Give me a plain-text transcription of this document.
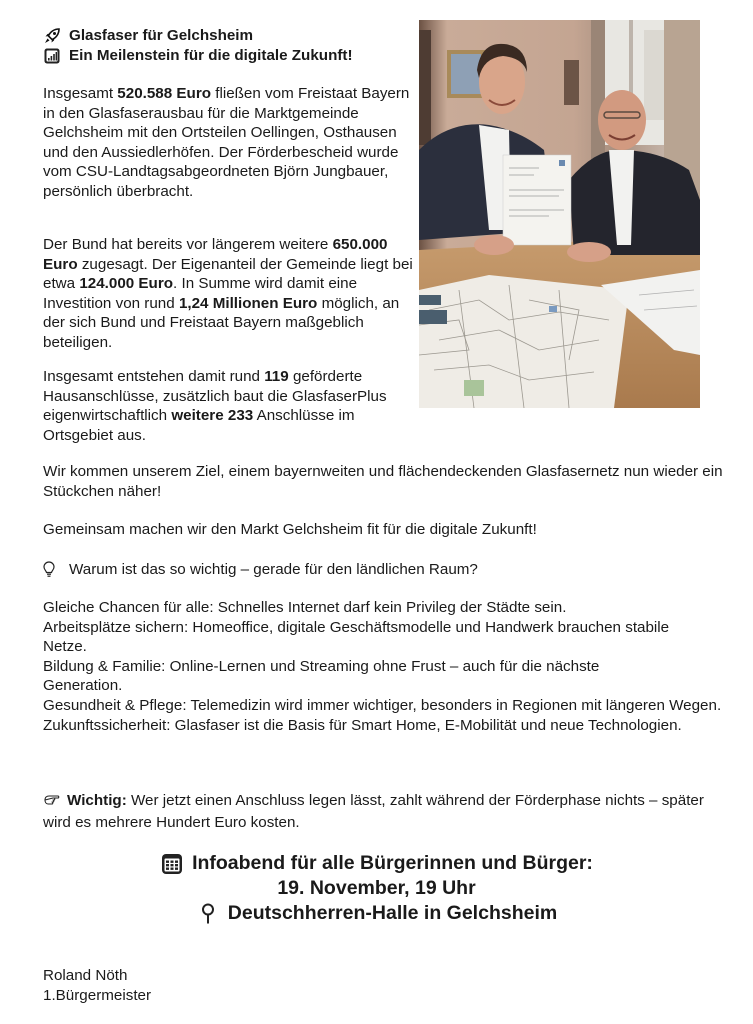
Glasfaser für Gelchsheim
Ein Meilenstein für die digitale Zukunft!

Insgesamt 520.588 Euro fließen vom Freistaat Bayern in den Glasfaserausbau für die Marktgemeinde Gelchsheim mit den Ortsteilen Oellingen, Osthausen und den Aussiedlerhöfen. Der Förderbescheid wurde vom CSU-Landtagsabgeordneten Björn Jungbauer, persönlich überbracht.

Der Bund hat bereits vor längerem weitere 650.000 Euro zugesagt. Der Eigenanteil der Gemeinde liegt bei etwa 124.000 Euro. In Summe wird damit eine Investition von rund 1,24 Millionen Euro möglich, an der sich Bund und Freistaat Bayern maßgeblich beteiligen.

Insgesamt entstehen damit rund 119 geförderte Hausanschlüsse, zusätzlich baut die GlasfaserPlus eigenwirtschaftlich weitere 233 Anschlüsse im Ortsgebiet aus.

Wir kommen unserem Ziel, einem bayernweiten und flächendeckenden Glasfasernetz nun wieder ein Stückchen näher!

Gemeinsam machen wir den Markt Gelchsheim fit für die digitale Zukunft!

Warum ist das so wichtig – gerade für den ländlichen Raum?

Gleiche Chancen für alle: Schnelles Internet darf kein Privileg der Städte sein.

Arbeitsplätze sichern: Homeoffice, digitale Geschäftsmodelle und Handwerk brauchen stabile Netze.

Bildung & Familie: Online-Lernen und Streaming ohne Frust – auch für die nächste Generation.

Gesundheit & Pflege: Telemedizin wird immer wichtiger, besonders in Regionen mit längeren Wegen.

Zukunftssicherheit: Glasfaser ist die Basis für Smart Home, E-Mobilität und neue Technologien.

Wichtig: Wer jetzt einen Anschluss legen lässt, zahlt während der Förderphase nichts – später wird es mehrere Hundert Euro kosten.

Infoabend für alle Bürgerinnen und Bürger:
19. November, 19 Uhr
Deutschherren-Halle in Gelchsheim
Roland Nöth
1.Bürgermeister
